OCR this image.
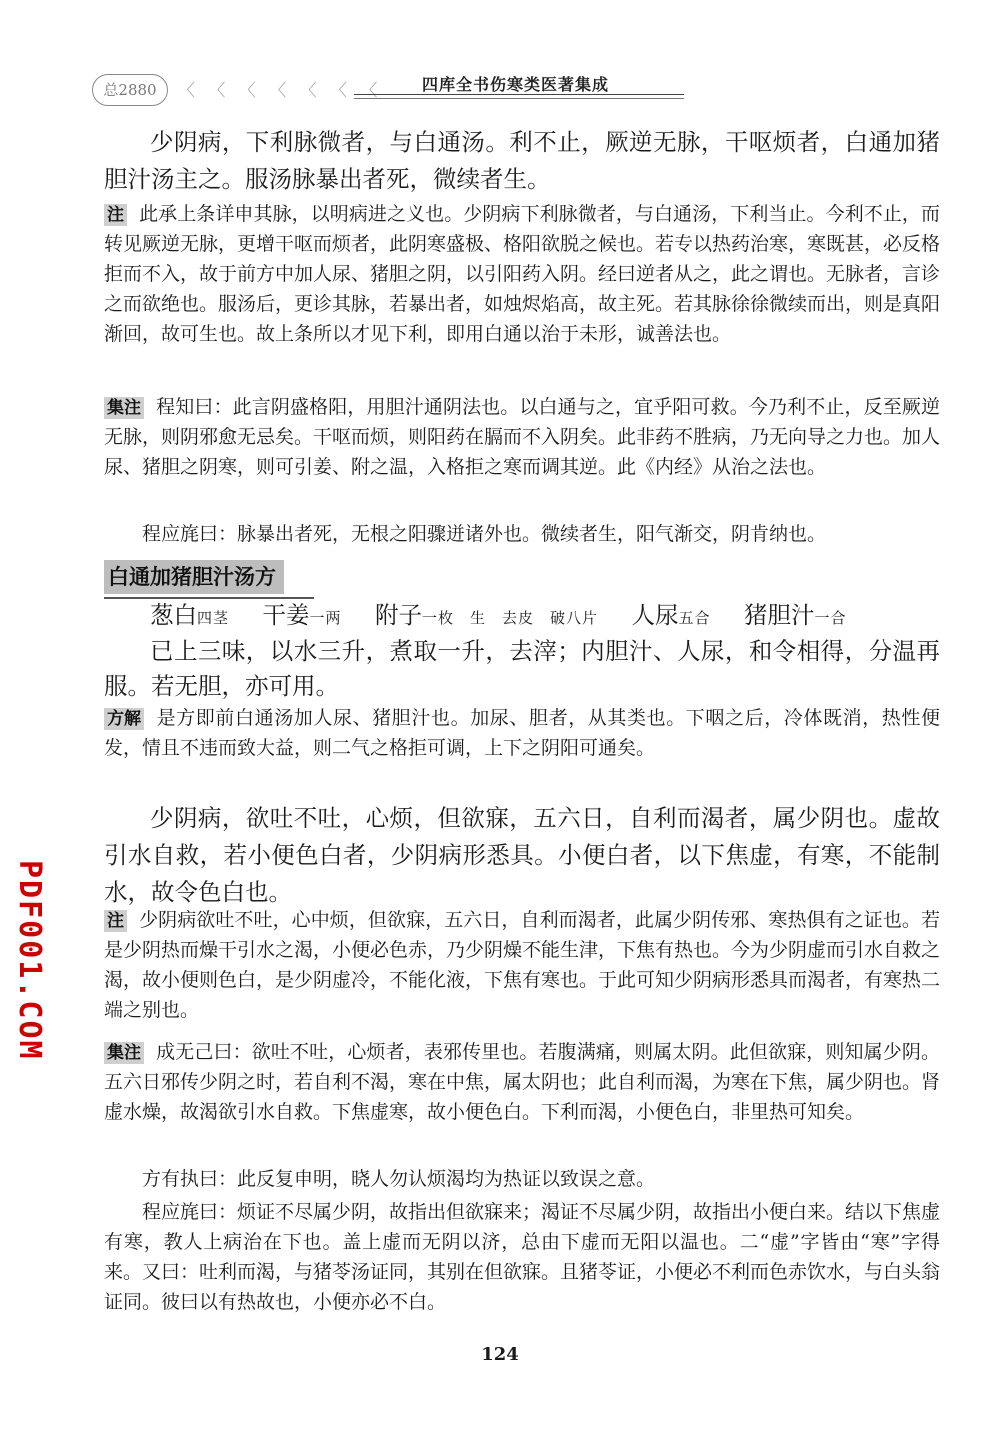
总2880	〈 〈 〈 〈 〈 〈 〈	四库全书伤寒类医著集成

少阴病，下利脉微者，与白通汤。利不止，厥逆无脉，干呕烦者，白通加猪胆汁汤主之。服汤脉暴出者死，微续者生。

注 此承上条详申其脉，以明病进之义也。少阴病下利脉微者，与白通汤，下利当止。今利不止，而转见厥逆无脉，更增干呕而烦者，此阴寒盛极、格阳欲脱之候也。若专以热药治寒，寒既甚，必反格拒而不入，故于前方中加人尿、猪胆之阴，以引阳药入阴。经曰逆者从之，此之谓也。无脉者，言诊之而欲绝也。服汤后，更诊其脉，若暴出者，如烛烬焰高，故主死。若其脉徐徐微续而出，则是真阳渐回，故可生也。故上条所以才见下利，即用白通以治于未形，诚善法也。

集注 程知曰：此言阴盛格阳，用胆汁通阴法也。以白通与之，宜乎阳可救。今乃利不止，反至厥逆无脉，则阴邪愈无忌矣。干呕而烦，则阳药在膈而不入阴矣。此非药不胜病，乃无向导之力也。加人尿、猪胆之阴寒，则可引姜、附之温，入格拒之寒而调其逆。此《内经》从治之法也。

程应旄曰：脉暴出者死，无根之阳骤迸诸外也。微续者生，阳气渐交，阴肯纳也。

白通加猪胆汁汤方
葱白四茎 干姜一两 附子一枚　生　去皮　破八片 人尿五合 猪胆汁一合

已上三味，以水三升，煮取一升，去滓；内胆汁、人尿，和令相得，分温再服。若无胆，亦可用。

方解 是方即前白通汤加人尿、猪胆汁也。加尿、胆者，从其类也。下咽之后，冷体既消，热性便发，情且不违而致大益，则二气之格拒可调，上下之阴阳可通矣。

少阴病，欲吐不吐，心烦，但欲寐，五六日，自利而渴者，属少阴也。虚故引水自救，若小便色白者，少阴病形悉具。小便白者，以下焦虚，有寒，不能制水，故令色白也。

注 少阴病欲吐不吐，心中烦，但欲寐，五六日，自利而渴者，此属少阴传邪、寒热俱有之证也。若是少阴热而燥干引水之渴，小便必色赤，乃少阴燥不能生津，下焦有热也。今为少阴虚而引水自救之渴，故小便则色白，是少阴虚冷，不能化液，下焦有寒也。于此可知少阴病形悉具而渴者，有寒热二端之别也。

集注 成无己曰：欲吐不吐，心烦者，表邪传里也。若腹满痛，则属太阴。此但欲寐，则知属少阴。五六日邪传少阴之时，若自利不渴，寒在中焦，属太阴也；此自利而渴，为寒在下焦，属少阴也。肾虚水燥，故渴欲引水自救。下焦虚寒，故小便色白。下利而渴，小便色白，非里热可知矣。

方有执曰：此反复申明，晓人勿认烦渴均为热证以致误之意。

程应旄曰：烦证不尽属少阴，故指出但欲寐来；渴证不尽属少阴，故指出小便白来。结以下焦虚有寒，教人上病治在下也。盖上虚而无阴以济，总由下虚而无阳以温也。二“虚”字皆由“寒”字得来。又曰：吐利而渴，与猪苓汤证同，其别在但欲寐。且猪苓证，小便必不利而色赤饮水，与白头翁证同。彼曰以有热故也，小便亦必不白。

PDF001.COM
124
